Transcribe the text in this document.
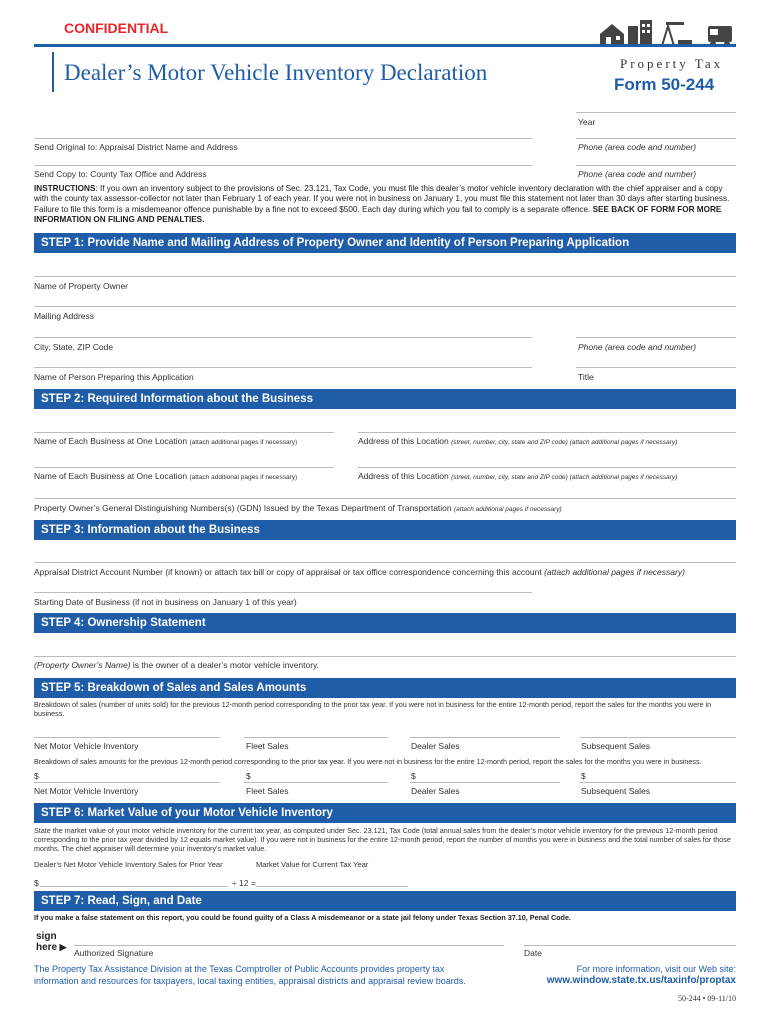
CONFIDENTIAL
Dealer’s Motor Vehicle Inventory Declaration	Property Tax
Form 50-244
Year
Send Original to: Appraisal District Name and Address	Phone (area code and number)
Send Copy to: County Tax Office and Address	Phone (area code and number)
INSTRUCTIONS: If you own an inventory subject to the provisions of Sec. 23.121, Tax Code, you must file this dealer’s motor vehicle inventory declaration with the chief appraiser and a copy with the county tax assessor-collector not later than February 1 of each year. If you were not in business on January 1, you must file this statement not later than 30 days after starting business. Failure to file this form is a misdemeanor offence punishable by a fine not to exceed $500. Each day during which you fail to comply is a separate offence. SEE BACK OF FORM FOR MORE INFORMATION ON FILING AND PENALTIES.
STEP 1: Provide Name and Mailing Address of Property Owner and Identity of Person Preparing Application
Name of Property Owner
Mailing Address
City, State, ZIP Code	Phone (area code and number)
Name of Person Preparing this Application	Title
STEP 2: Required Information about the Business
Name of Each Business at One Location (attach additional pages if necessary)	Address of this Location (street, number, city, state and ZIP code) (attach additional pages if necessary)
Name of Each Business at One Location (attach additional pages if necessary)	Address of this Location (street, number, city, state and ZIP code) (attach additional pages if necessary)
Property Owner’s General Distinguishing Numbers(s) (GDN) Issued by the Texas Department of Transportation (attach additional pages if necessary)
STEP 3: Information about the Business
Appraisal District Account Number (if known) or attach tax bill or copy of appraisal or tax office correspondence concerning this account (attach additional pages if necessary)
Starting Date of Business (if not in business on January 1 of this year)
STEP 4: Ownership Statement
(Property Owner’s Name) is the owner of a dealer’s motor vehicle inventory.
STEP 5: Breakdown of Sales and Sales Amounts
Breakdown of sales (number of units sold) for the previous 12-month period corresponding to the prior tax year. If you were not in business for the entire 12-month period, report the sales for the months you were in business.
Net Motor Vehicle Inventory	Fleet Sales	Dealer Sales	Subsequent Sales
Breakdown of sales amounts for the previous 12-month period corresponding to the prior tax year. If you were not in business for the entire 12-month period, report the sales for the months you were in business.
$	$	$	$
Net Motor Vehicle Inventory	Fleet Sales	Dealer Sales	Subsequent Sales
STEP 6: Market Value of your Motor Vehicle Inventory
State the market value of your motor vehicle inventory for the current tax year, as computed under Sec. 23.121, Tax Code (total annual sales from the dealer’s motor vehicle inventory for the previous 12-month period corresponding to the prior tax year divided by 12 equals market value). If you were not in business for the entire 12-month period, report the number of months you were in business and the total number of sales for those months. The chief appraiser will determine your inventory’s market value.
Dealer’s Net Motor Vehicle Inventory Sales for Prior Year	Market Value for Current Tax Year
$	÷ 12 =
STEP 7: Read, Sign, and Date
If you make a false statement on this report, you could be found guilty of a Class A misdemeanor or a state jail felony under Texas Section 37.10, Penal Code.
sign
here ▶
Authorized Signature	Date
The Property Tax Assistance Division at the Texas Comptroller of Public Accounts provides property tax
information and resources for taxpayers, local taxing entities, appraisal districts and appraisal review boards.
For more information, visit our Web site:
www.window.state.tx.us/taxinfo/proptax
50-244 • 09-11/10
